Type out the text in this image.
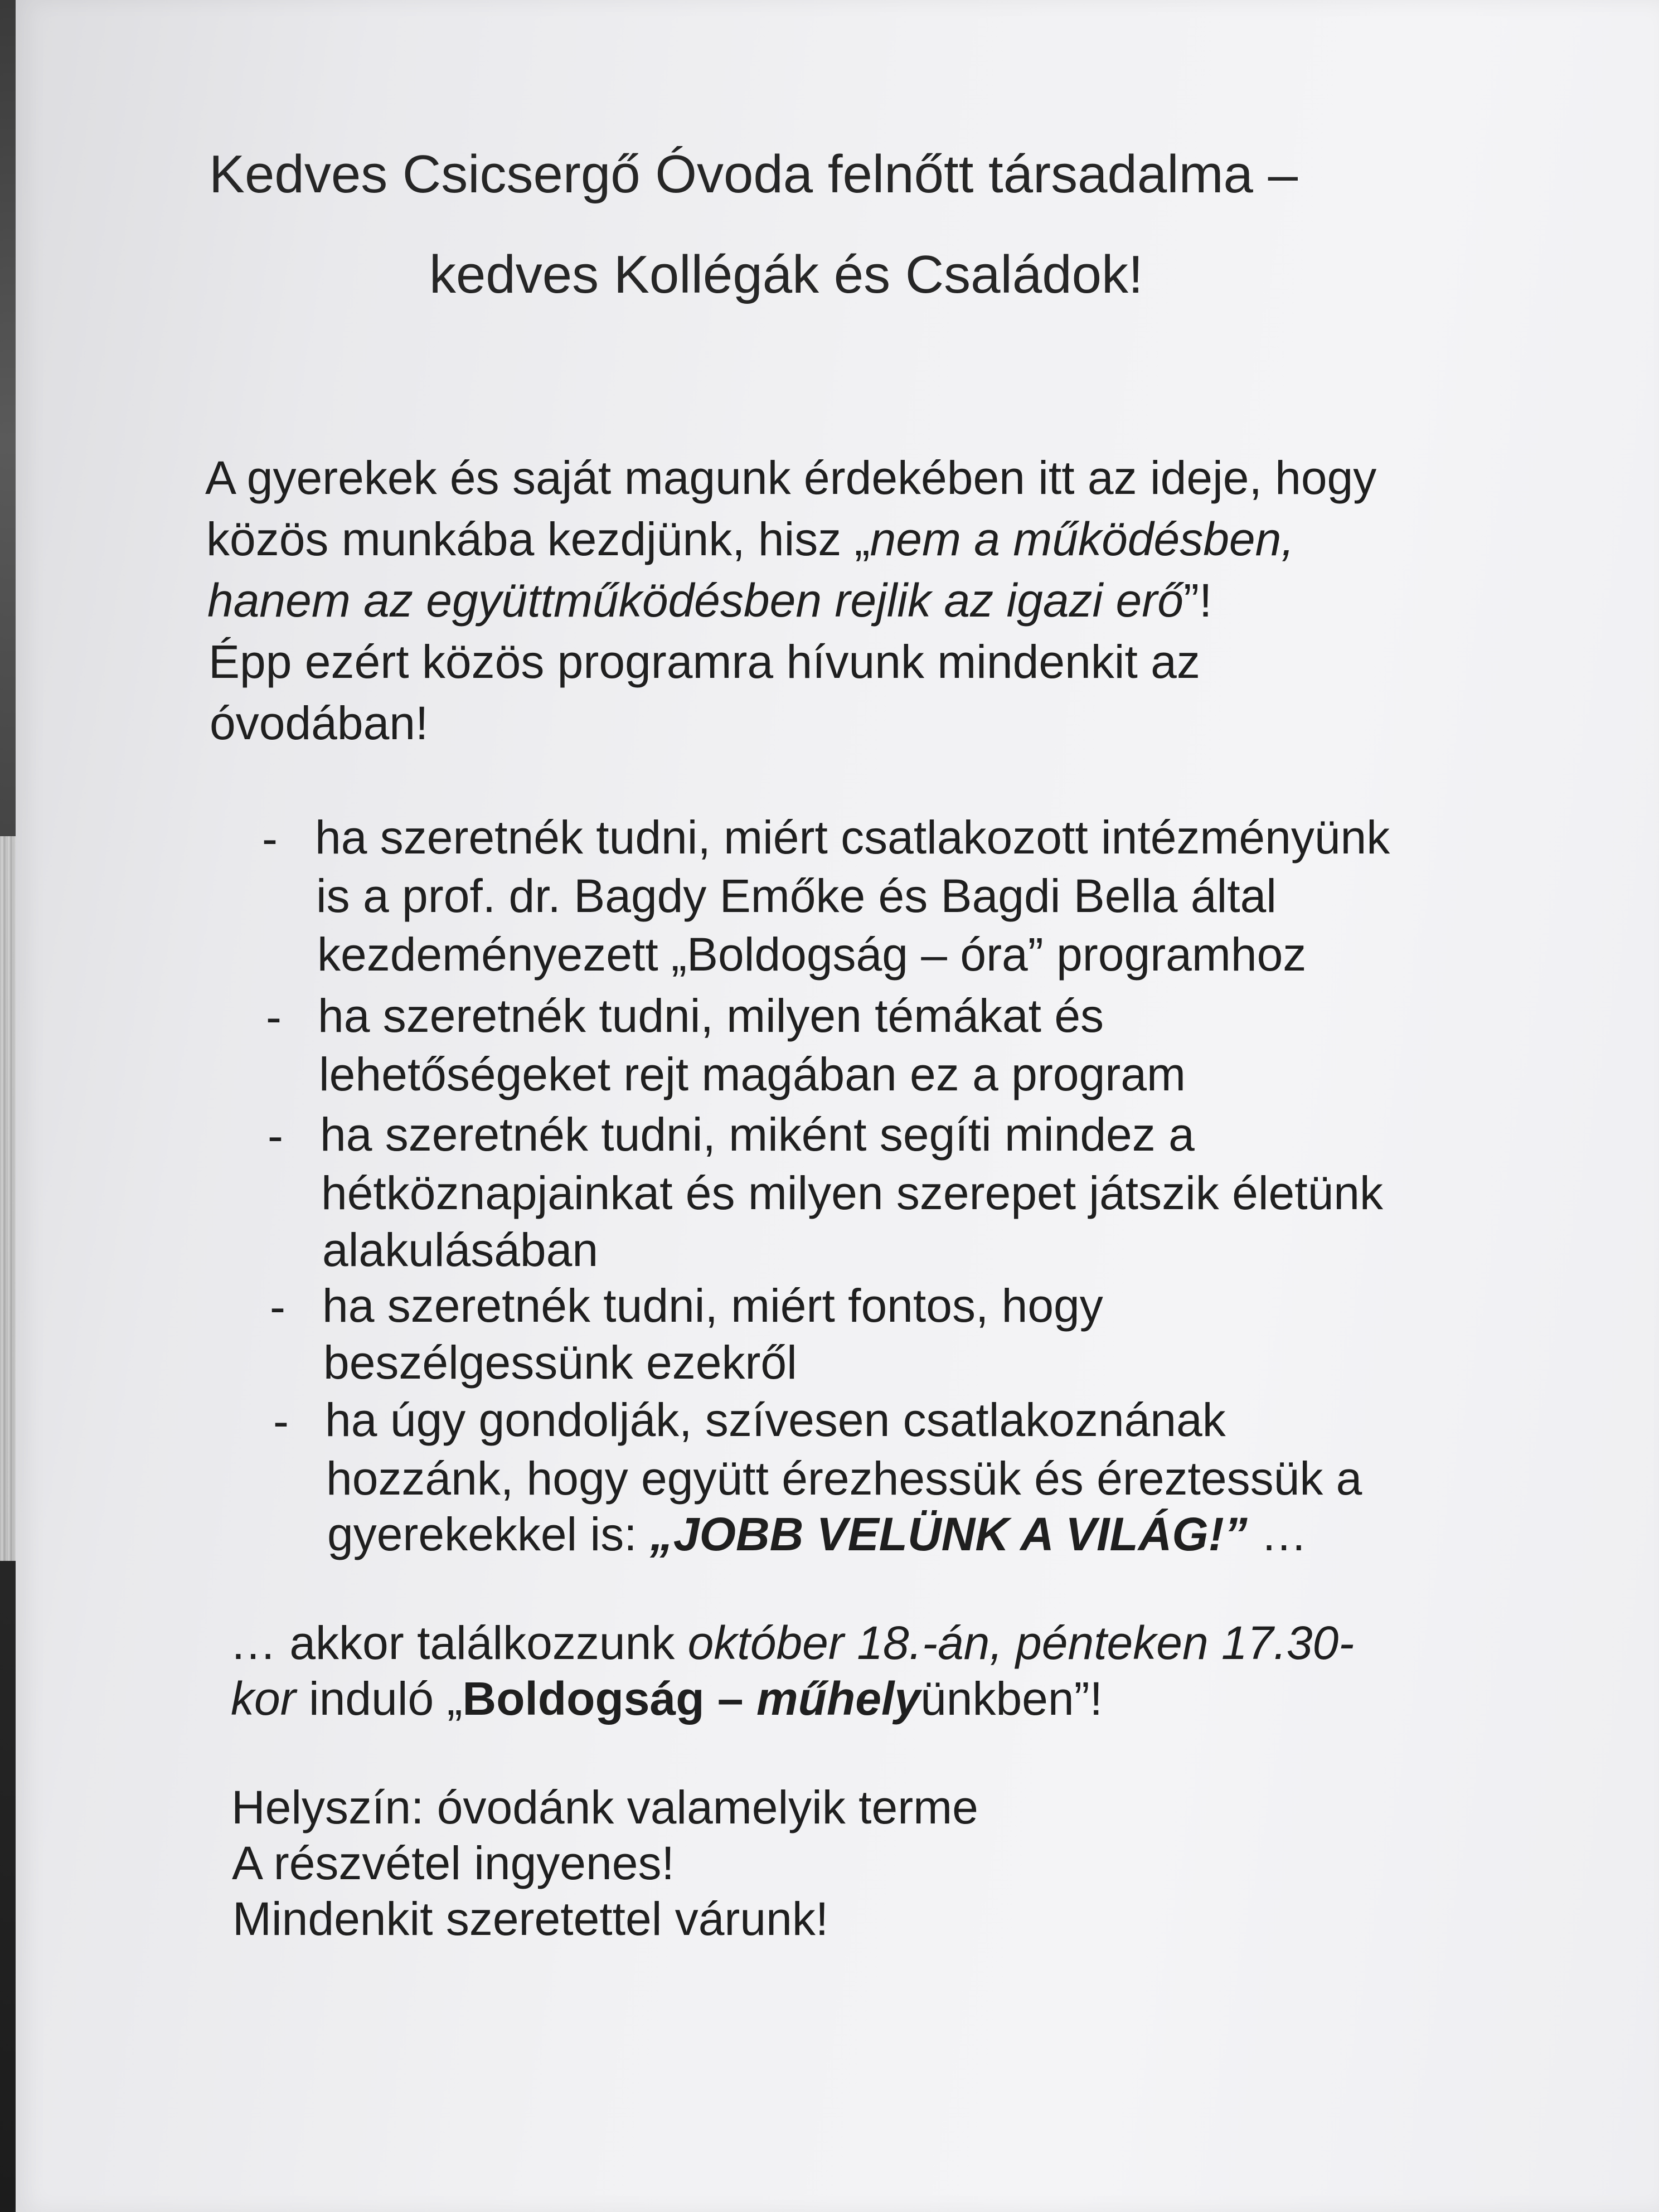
Kedves Csicsergő Óvoda felnőtt társadalma –
kedves Kollégák és Családok!
A gyerekek és saját magunk érdekében itt az ideje, hogy
közös munkába kezdjünk, hisz „nem a működésben,
hanem az együttműködésben rejlik az igazi erő”!
Épp ezért közös programra hívunk mindenkit az
óvodában!
- ha szeretnék tudni, miért csatlakozott intézményünk
is a prof. dr. Bagdy Emőke és Bagdi Bella által
kezdeményezett „Boldogság – óra” programhoz
- ha szeretnék tudni, milyen témákat és
lehetőségeket rejt magában ez a program
- ha szeretnék tudni, miként segíti mindez a
hétköznapjainkat és milyen szerepet játszik életünk
alakulásában
- ha szeretnék tudni, miért fontos, hogy
beszélgessünk ezekről
- ha úgy gondolják, szívesen csatlakoznának
hozzánk, hogy együtt érezhessük és éreztessük a
gyerekekkel is: „JOBB VELÜNK A VILÁG!” …
… akkor találkozzunk október 18.-án, pénteken 17.30-
kor induló „Boldogság – műhelyünkben”!
Helyszín: óvodánk valamelyik terme
A részvétel ingyenes!
Mindenkit szeretettel várunk!
